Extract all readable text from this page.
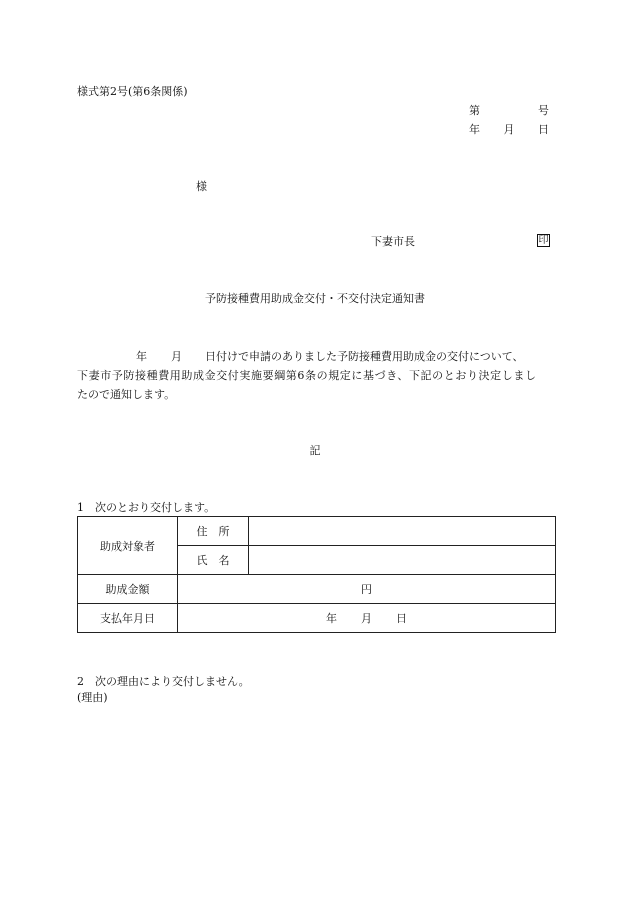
様式第2号(第6条関係)
第	号
年 月 日
様
下妻市長	印
予防接種費用助成金交付・不交付決定通知書
年 月 日付けで申請のありました予防接種費用助成金の交付について、
下妻市予防接種費用助成金交付実施要綱第6条の規定に基づき、下記のとおり決定しまし
たので通知します。
記
1　次のとおり交付します。
助成対象者	住　所	
	氏　名	
助成金額	円	
支払年月日	年 月 日	
2　次の理由により交付しません。
(理由)
